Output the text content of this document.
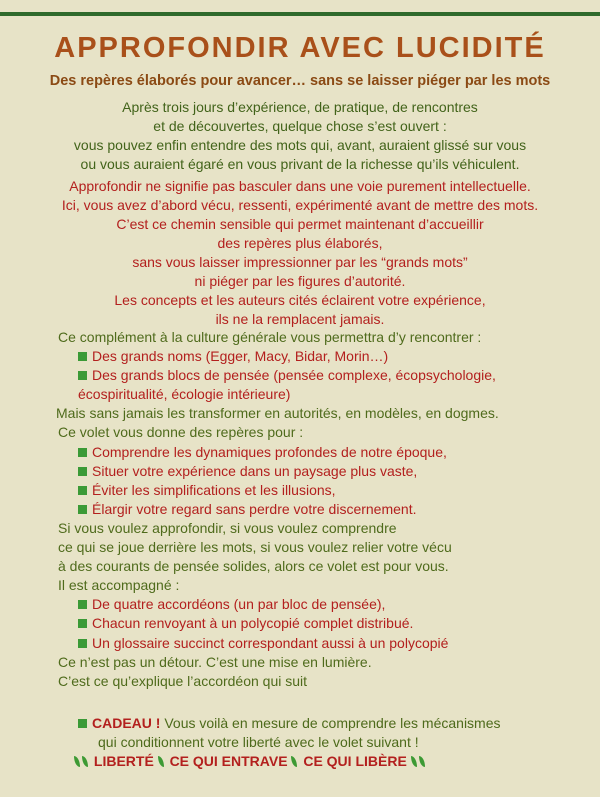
APPROFONDIR AVEC LUCIDITÉ
Des repères élaborés pour avancer… sans se laisser piéger par les mots
Après trois jours d’expérience, de pratique, de rencontres
et de découvertes, quelque chose s’est ouvert :
vous pouvez enfin entendre des mots qui, avant, auraient glissé sur vous
ou vous auraient égaré en vous privant de la richesse qu’ils véhiculent.
Approfondir ne signifie pas basculer dans une voie purement intellectuelle.
Ici, vous avez d’abord vécu, ressenti, expérimenté avant de mettre des mots.
C’est ce chemin sensible qui permet maintenant d’accueillir
des repères plus élaborés,
sans vous laisser impressionner par les “grands mots”
ni piéger par les figures d’autorité.
Les concepts et les auteurs cités éclairent votre expérience,
ils ne la remplacent jamais.
Ce complément à la culture générale vous permettra d’y rencontrer :
Des grands noms (Egger, Macy, Bidar, Morin…)
Des grands blocs de pensée (pensée complexe, écopsychologie,
écospiritualité, écologie intérieure)
Mais sans jamais les transformer en autorités, en modèles, en dogmes.
Ce volet vous donne des repères pour :
Comprendre les dynamiques profondes de notre époque,
Situer votre expérience dans un paysage plus vaste,
Éviter les simplifications et les illusions,
Élargir votre regard sans perdre votre discernement.
Si vous voulez approfondir, si vous voulez comprendre
ce qui se joue derrière les mots, si vous voulez relier votre vécu
à des courants de pensée solides, alors ce volet est pour vous.
Il est accompagné :
De quatre accordéons (un par bloc de pensée),
Chacun renvoyant à un polycopié complet distribué.
Un glossaire succinct correspondant aussi à un polycopié
Ce n’est pas un détour. C’est une mise en lumière.
C’est ce qu’explique l’accordéon qui suit
CADEAU ! Vous voilà en mesure de comprendre les mécanismes
qui conditionnent votre liberté avec le volet suivant !
LIBERTÉ CE QUI ENTRAVE CE QUI LIBÈRE
